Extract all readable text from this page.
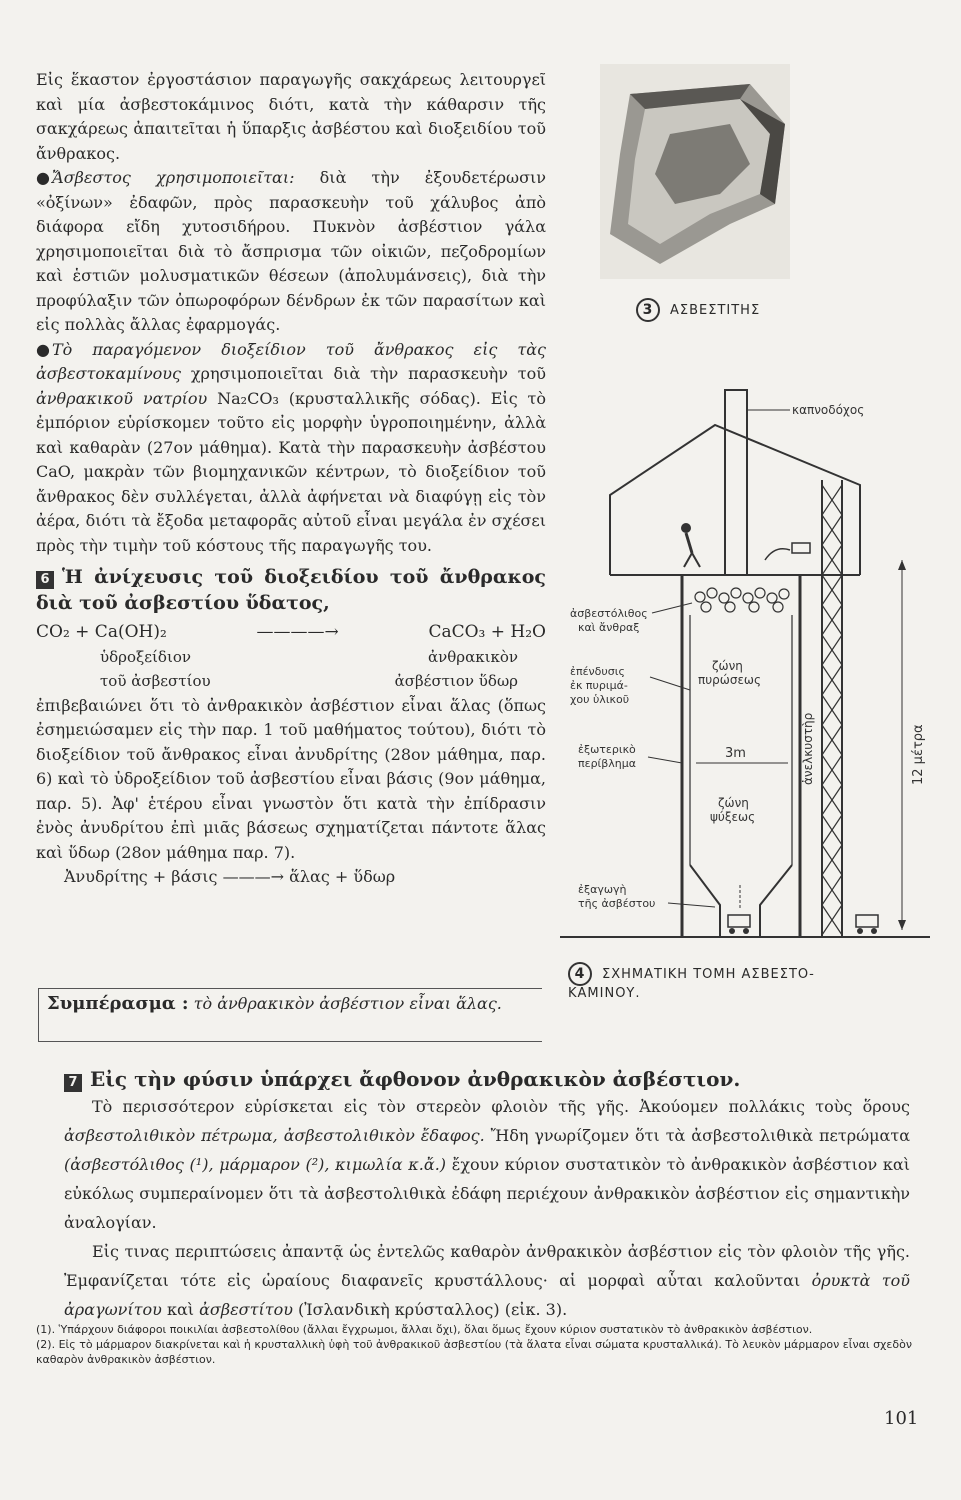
Εἰς ἕκαστον ἐργοστάσιον παραγωγῆς σακχάρεως λειτουργεῖ καὶ μία ἀσβεστοκάμινος διότι, κατὰ τὴν κάθαρσιν τῆς σακχάρεως ἀπαιτεῖται ἡ ὕπαρξις ἀσβέστου καὶ διοξειδίου τοῦ ἄνθρακος.

● Ἄσβεστος χρησιμοποιεῖται: διὰ τὴν ἐξουδετέρωσιν «ὀξίνων» ἐδαφῶν, πρὸς παρασκευὴν τοῦ χάλυβος ἀπὸ διάφορα εἴδη χυτοσιδήρου. Πυκνὸν ἀσβέστιον γάλα χρησιμοποιεῖται διὰ τὸ ἄσπρισμα τῶν οἰκιῶν, πεζοδρομίων καὶ ἑστιῶν μολυσματικῶν θέσεων (ἀπολυμάνσεις), διὰ τὴν προφύλαξιν τῶν ὀπωροφόρων δένδρων ἐκ τῶν παρασίτων καὶ εἰς πολλὰς ἄλλας ἐφαρμογάς.

● Τὸ παραγόμενον διοξείδιον τοῦ ἄνθρακος εἰς τὰς ἀσβεστοκαμίνους χρησιμοποιεῖται διὰ τὴν παρασκευὴν τοῦ ἀνθρακικοῦ νατρίου Na₂CO₃ (κρυσταλλικῆς σόδας). Εἰς τὸ ἐμπόριον εὑρίσκομεν τοῦτο εἰς μορφὴν ὑγροποιημένην, ἀλλὰ καὶ καθαρὰν (27ον μάθημα). Κατὰ τὴν παρασκευὴν ἀσβέστου CaO, μακρὰν τῶν βιομηχανικῶν κέντρων, τὸ διοξείδιον τοῦ ἄνθρακος δὲν συλλέγεται, ἀλλὰ ἀφήνεται νὰ διαφύγῃ εἰς τὸν ἀέρα, διότι τὰ ἔξοδα μεταφορᾶς αὐτοῦ εἶναι μεγάλα ἐν σχέσει πρὸς τὴν τιμὴν τοῦ κόστους τῆς παραγωγῆς του.

6 Ἡ ἀνίχευσις τοῦ διοξειδίου τοῦ ἄνθρακος διὰ τοῦ ἀσβεστίου ὕδατος,

CO₂ + Ca(OH)₂	————→	CaCO₃ + H₂O
ὑδροξείδιον	ἀνθρακικὸν
τοῦ ἀσβεστίου	ἀσβέστιον ὕδωρ

ἐπιβεβαιώνει ὅτι τὸ ἀνθρακικὸν ἀσβέστιον εἶναι ἅλας (ὅπως ἐσημειώσαμεν εἰς τὴν παρ. 1 τοῦ μαθήματος τούτου), διότι τὸ διοξείδιον τοῦ ἄνθρακος εἶναι ἀνυδρίτης (28ον μάθημα, παρ. 6) καὶ τὸ ὑδροξείδιον τοῦ ἀσβεστίου εἶναι βάσις (9ον μάθημα, παρ. 5). Ἀφ' ἑτέρου εἶναι γνωστὸν ὅτι κατὰ τὴν ἐπίδρασιν ἑνὸς ἀνυδρίτου ἐπὶ μιᾶς βάσεως σχηματίζεται πάντοτε ἅλας καὶ ὕδωρ (28ον μάθημα παρ. 7).

Ἀνυδρίτης + βάσις ———→ ἅλας + ὕδωρ

Συμπέρασμα : τὸ ἀνθρακικὸν ἀσβέστιον εἶναι ἅλας.
3 ΑΣΒΕΣΤΙΤΗΣ
καπνοδόχος
ἀνελκυστὴρ	12 μέτρα
3m
ζώνη
πυρώσεως
ζώνη
ψύξεως
ἀσβεστόλιθος
καὶ ἄνθραξ
ἐπένδυσις
ἐκ πυριμά-
χου ὑλικοῦ
ἐξωτερικὸ
περίβλημα
ἐξαγωγὴ
τῆς ἀσβέστου
4 ΣΧΗΜΑΤΙΚΗ ΤΟΜΗ ΑΣΒΕΣΤΟ-
ΚΑΜΙΝΟΥ.

7 Εἰς τὴν φύσιν ὑπάρχει ἄφθονον ἀνθρακικὸν ἀσβέστιον.

Τὸ περισσότερον εὑρίσκεται εἰς τὸν στερεὸν φλοιὸν τῆς γῆς. Ἀκούομεν πολλάκις τοὺς ὅρους ἀσβεστολιθικὸν πέτρωμα, ἀσβεστολιθικὸν ἔδαφος. Ἤδη γνωρίζομεν ὅτι τὰ ἀσβεστολιθικὰ πετρώματα (ἀσβεστόλιθος (¹), μάρμαρον (²), κιμωλία κ.ἄ.) ἔχουν κύριον συστατικὸν τὸ ἀνθρακικὸν ἀσβέστιον καὶ εὐκόλως συμπεραίνομεν ὅτι τὰ ἀσβεστολιθικὰ ἐδάφη περιέχουν ἀνθρακικὸν ἀσβέστιον εἰς σημαντικὴν ἀναλογίαν.

Εἰς τινας περιπτώσεις ἀπαντᾷ ὡς ἐντελῶς καθαρὸν ἀνθρακικὸν ἀσβέστιον εἰς τὸν φλοιὸν τῆς γῆς. Ἐμφανίζεται τότε εἰς ὡραίους διαφανεῖς κρυστάλλους· αἱ μορφαὶ αὗται καλοῦνται ὀρυκτὰ τοῦ ἀραγωνίτου καὶ ἀσβεστίτου (Ἰσλανδικὴ κρύσταλλος) (εἰκ. 3).

(1). Ὑπάρχουν διάφοροι ποικιλίαι ἀσβεστολίθου (ἄλλαι ἔγχρωμοι, ἄλλαι ὄχι), ὅλαι ὅμως ἔχουν κύριον συστατικὸν τὸ ἀνθρακικὸν ἀσβέστιον.

(2). Εἰς τὸ μάρμαρον διακρίνεται καὶ ἡ κρυσταλλικὴ ὑφὴ τοῦ ἀνθρακικοῦ ἀσβεστίου (τὰ ἅλατα εἶναι σώματα κρυσταλλικά). Τὸ λευκὸν μάρμαρον εἶναι σχεδὸν καθαρὸν ἀνθρακικὸν ἀσβέστιον.

101
